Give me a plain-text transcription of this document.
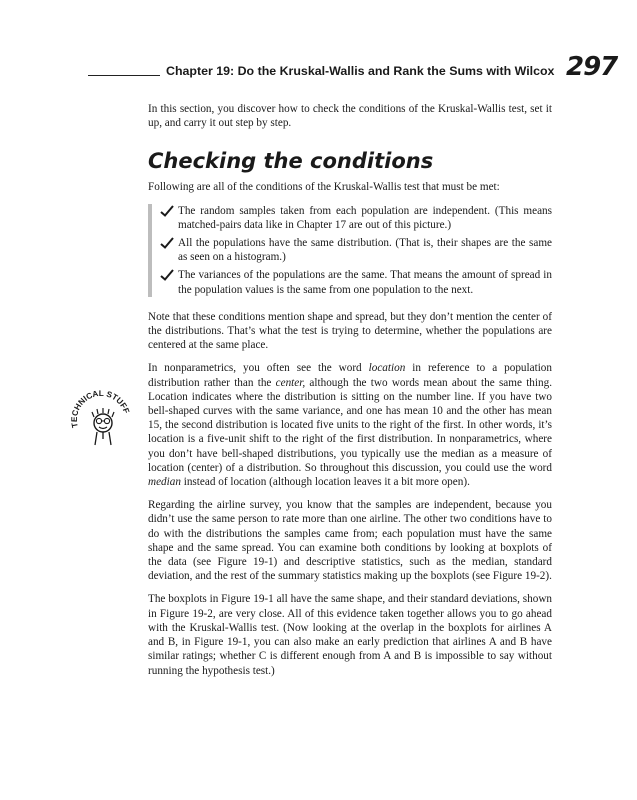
Chapter 19: Do the Kruskal-Wallis and Rank the Sums with Wilcox 297
TECHNICAL STUFF

In this section, you discover how to check the conditions of the Kruskal-Wallis test, set it up, and carry it out step by step.

Checking the conditions

Following are all of the conditions of the Kruskal-Wallis test that must be met:

The random samples taken from each population are independent. (This means matched-pairs data like in Chapter 17 are out of this picture.)
All the populations have the same distribution. (That is, their shapes are the same as seen on a histogram.)
The variances of the populations are the same. That means the amount of spread in the population values is the same from one population to the next.

Note that these conditions mention shape and spread, but they don’t mention the center of the distributions. That’s what the test is trying to determine, whether the populations are centered at the same place.

In nonparametrics, you often see the word location in reference to a population distribution rather than the center, although the two words mean about the same thing. Location indicates where the distribution is sitting on the number line. If you have two bell-shaped curves with the same variance, and one has mean 10 and the other has mean 15, the second distribution is located five units to the right of the first. In other words, it’s location is a five-unit shift to the right of the first distribution. In nonparametrics, where you don’t have bell-shaped distributions, you typically use the median as a measure of location (center) of a distribution. So throughout this discussion, you could use the word median instead of location (although location leaves it a bit more open).

Regarding the airline survey, you know that the samples are independent, because you didn’t use the same person to rate more than one airline. The other two conditions have to do with the distributions the samples came from; each population must have the same shape and the same spread. You can examine both conditions by looking at boxplots of the data (see Figure 19-1) and descriptive statistics, such as the median, standard deviation, and the rest of the summary statistics making up the boxplots (see Figure 19-2).

The boxplots in Figure 19-1 all have the same shape, and their standard deviations, shown in Figure 19-2, are very close. All of this evidence taken together allows you to go ahead with the Kruskal-Wallis test. (Now looking at the overlap in the boxplots for airlines A and B, in Figure 19-1, you can also make an early prediction that airlines A and B have similar ratings; whether C is different enough from A and B is impossible to say without running the hypothesis test.)
